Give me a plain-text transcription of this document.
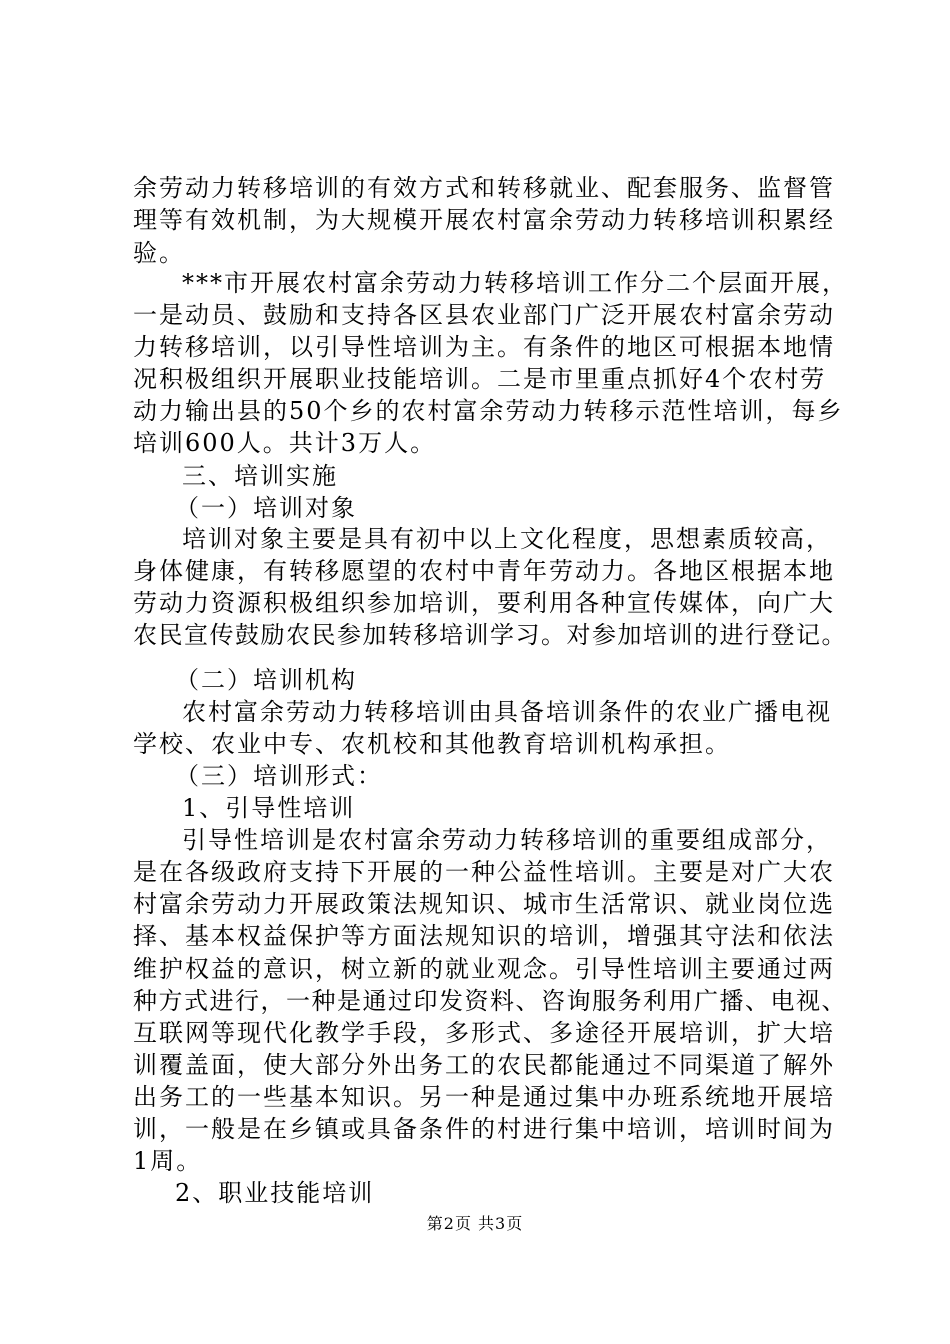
余劳动力转移培训的有效方式和转移就业、配套服务、监督管
理等有效机制，为大规模开展农村富余劳动力转移培训积累经
验。
***市开展农村富余劳动力转移培训工作分二个层面开展，
一是动员、鼓励和支持各区县农业部门广泛开展农村富余劳动
力转移培训，以引导性培训为主。有条件的地区可根据本地情
况积极组织开展职业技能培训。二是市里重点抓好4个农村劳
动力输出县的50个乡的农村富余劳动力转移示范性培训，每乡
培训600人。共计3万人。
三、培训实施
（一）培训对象
培训对象主要是具有初中以上文化程度，思想素质较高，
身体健康，有转移愿望的农村中青年劳动力。各地区根据本地
劳动力资源积极组织参加培训，要利用各种宣传媒体，向广大
农民宣传鼓励农民参加转移培训学习。对参加培训的进行登记。
（二）培训机构
农村富余劳动力转移培训由具备培训条件的农业广播电视
学校、农业中专、农机校和其他教育培训机构承担。
（三）培训形式：
1、引导性培训
引导性培训是农村富余劳动力转移培训的重要组成部分，
是在各级政府支持下开展的一种公益性培训。主要是对广大农
村富余劳动力开展政策法规知识、城市生活常识、就业岗位选
择、基本权益保护等方面法规知识的培训，增强其守法和依法
维护权益的意识，树立新的就业观念。引导性培训主要通过两
种方式进行，一种是通过印发资料、咨询服务利用广播、电视、
互联网等现代化教学手段，多形式、多途径开展培训，扩大培
训覆盖面，使大部分外出务工的农民都能通过不同渠道了解外
出务工的一些基本知识。另一种是通过集中办班系统地开展培
训，一般是在乡镇或具备条件的村进行集中培训，培训时间为
1周。
2、职业技能培训
第2页 共3页
